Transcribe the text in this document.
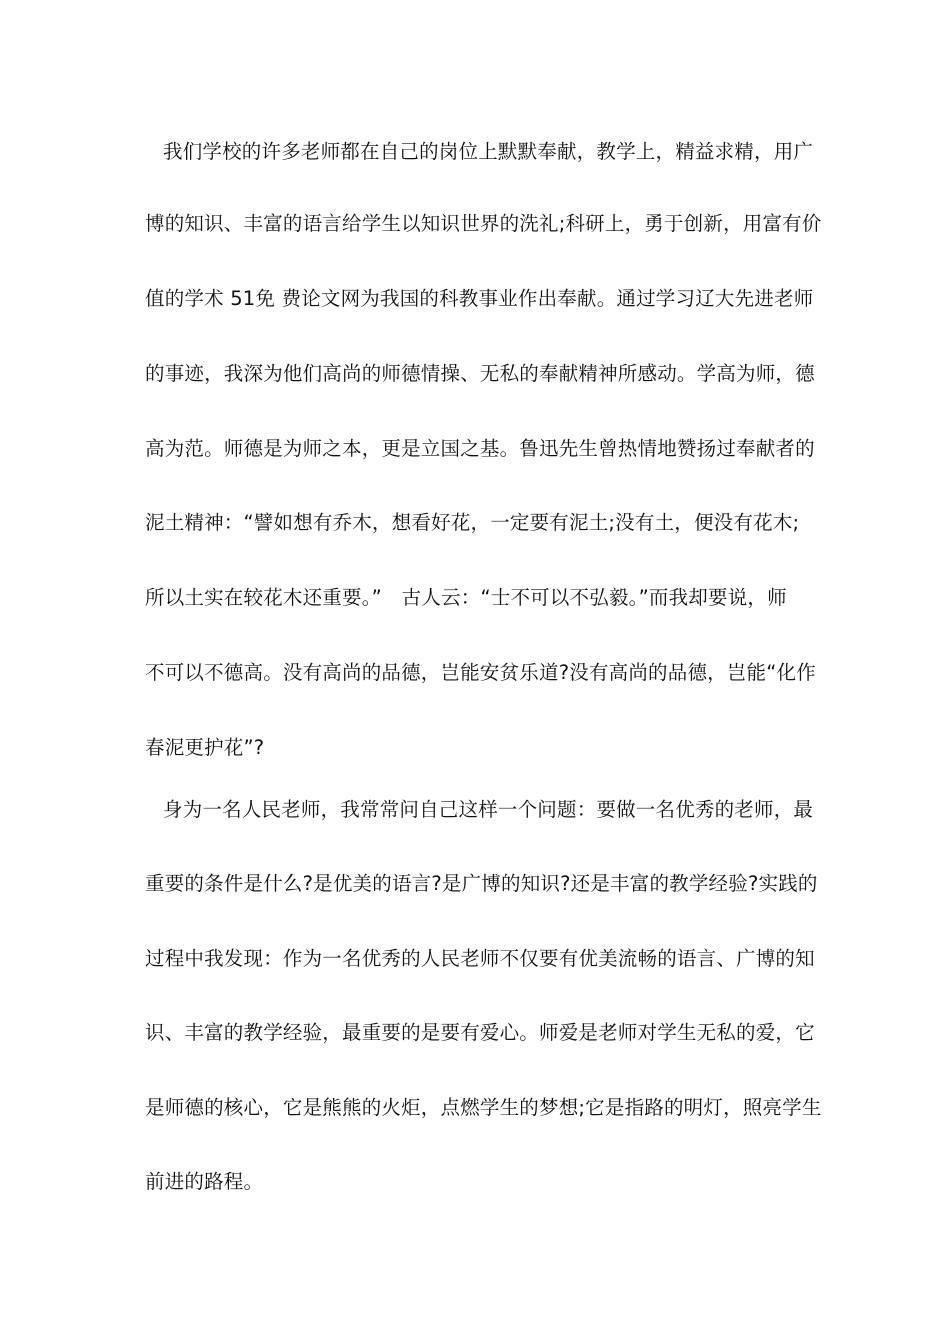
我们学校的许多老师都在自己的岗位上默默奉献，教学上，精益求精，用广
博的知识、丰富的语言给学生以知识世界的洗礼;科研上，勇于创新，用富有价
值的学术 51免 费论文网为我国的科教事业作出奉献。通过学习辽大先进老师
的事迹，我深为他们高尚的师德情操、无私的奉献精神所感动。学高为师，德
高为范。师德是为师之本，更是立国之基。鲁迅先生曾热情地赞扬过奉献者的
泥土精神：“譬如想有乔木，想看好花，一定要有泥土;没有土，便没有花木;
所以土实在较花木还重要。”　古人云：“士不可以不弘毅。”而我却要说，师
不可以不德高。没有高尚的品德，岂能安贫乐道?没有高尚的品德，岂能“化作
春泥更护花”?
身为一名人民老师，我常常问自己这样一个问题：要做一名优秀的老师，最
重要的条件是什么?是优美的语言?是广博的知识?还是丰富的教学经验?实践的
过程中我发现：作为一名优秀的人民老师不仅要有优美流畅的语言、广博的知
识、丰富的教学经验，最重要的是要有爱心。师爱是老师对学生无私的爱，它
是师德的核心，它是熊熊的火炬，点燃学生的梦想;它是指路的明灯，照亮学生
前进的路程。
